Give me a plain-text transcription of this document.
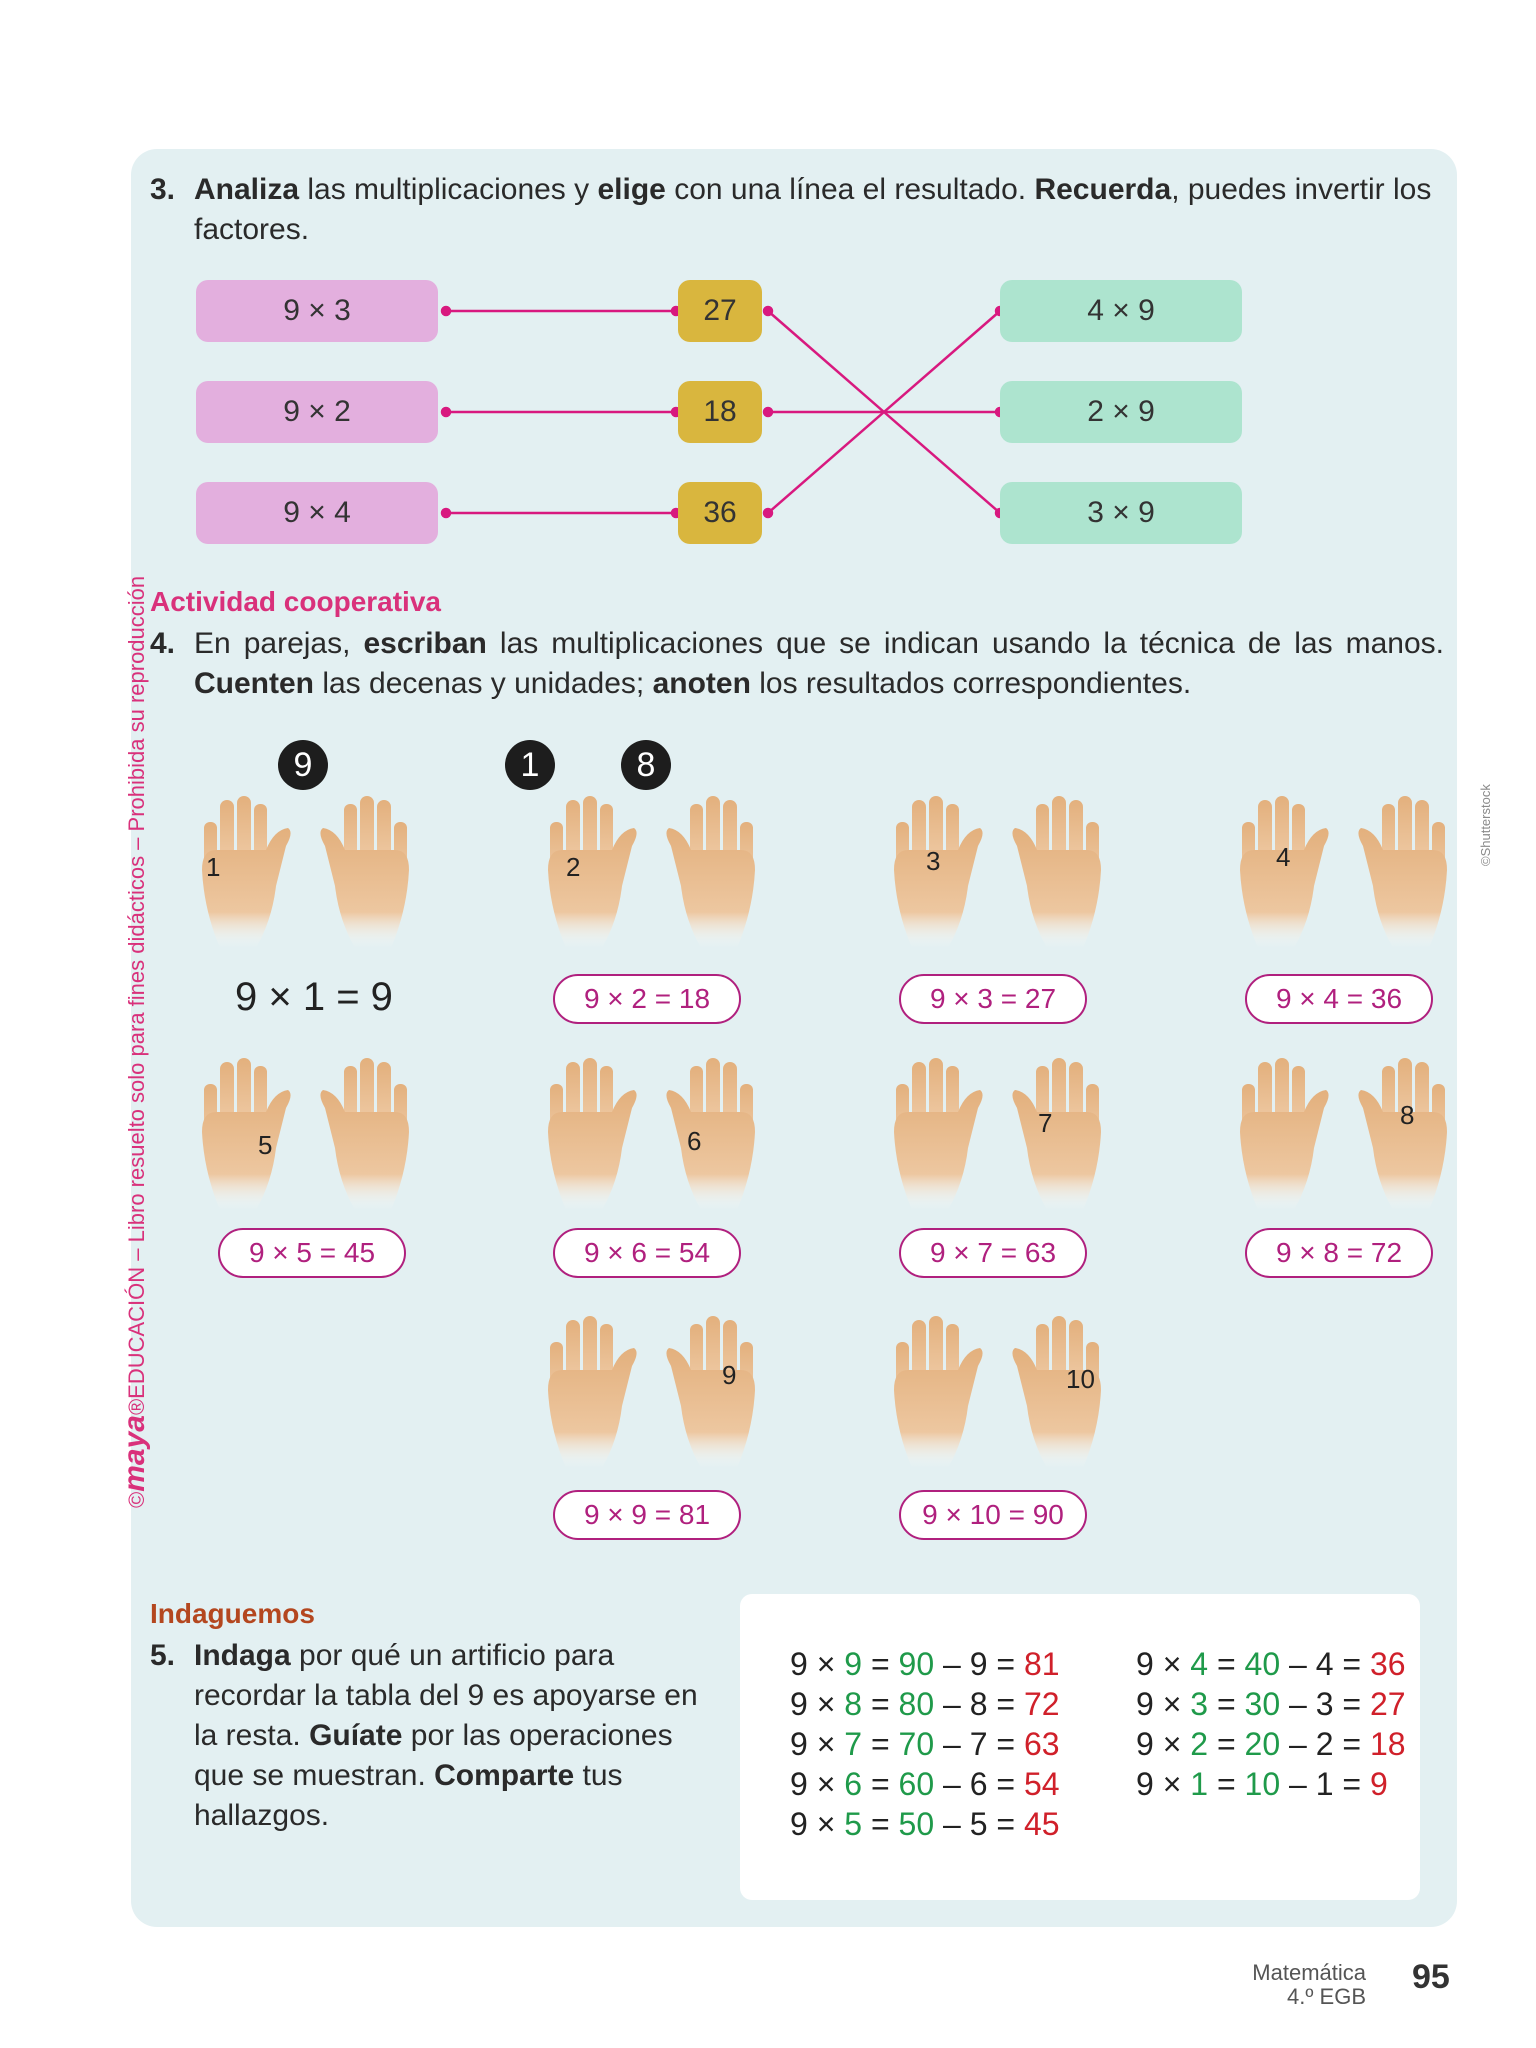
©maya®EDUCACIÓN – Libro resuelto solo para fines didácticos – Prohibida su reproducción	©Shutterstock
3. Analiza las multiplicaciones y elige con una línea el resultado. Recuerda, puedes invertir los factores.
9 × 3
9 × 2
9 × 4
27
18
36
4 × 9
2 × 9
3 × 9
Actividad cooperativa
4. En parejas, escriban las multiplicaciones que se indican usando la técnica de las manos. Cuenten las decenas y unidades; anoten los resultados correspondientes.
9	1	8
1	2	3	4
9 × 1 = 9	9 × 2 = 18	9 × 3 = 27	9 × 4 = 36
5	6
7	8
9 × 5 = 45	9 × 6 = 54	9 × 7 = 63	9 × 8 = 72
9	10
9 × 9 = 81	9 × 10 = 90
Indaguemos
5. Indaga por qué un artificio para recordar la tabla del 9 es apoyarse en la resta. Guíate por las operaciones que se muestran. Comparte tus hallazgos.
9 × 9 = 90 – 9 = 81
9 × 8 = 80 – 8 = 72
9 × 7 = 70 – 7 = 63
9 × 6 = 60 – 6 = 54
9 × 5 = 50 – 5 = 45
9 × 4 = 40 – 4 = 36
9 × 3 = 30 – 3 = 27
9 × 2 = 20 – 2 = 18
9 × 1 = 10 – 1 = 9
Matemática
4.º EGB
95
